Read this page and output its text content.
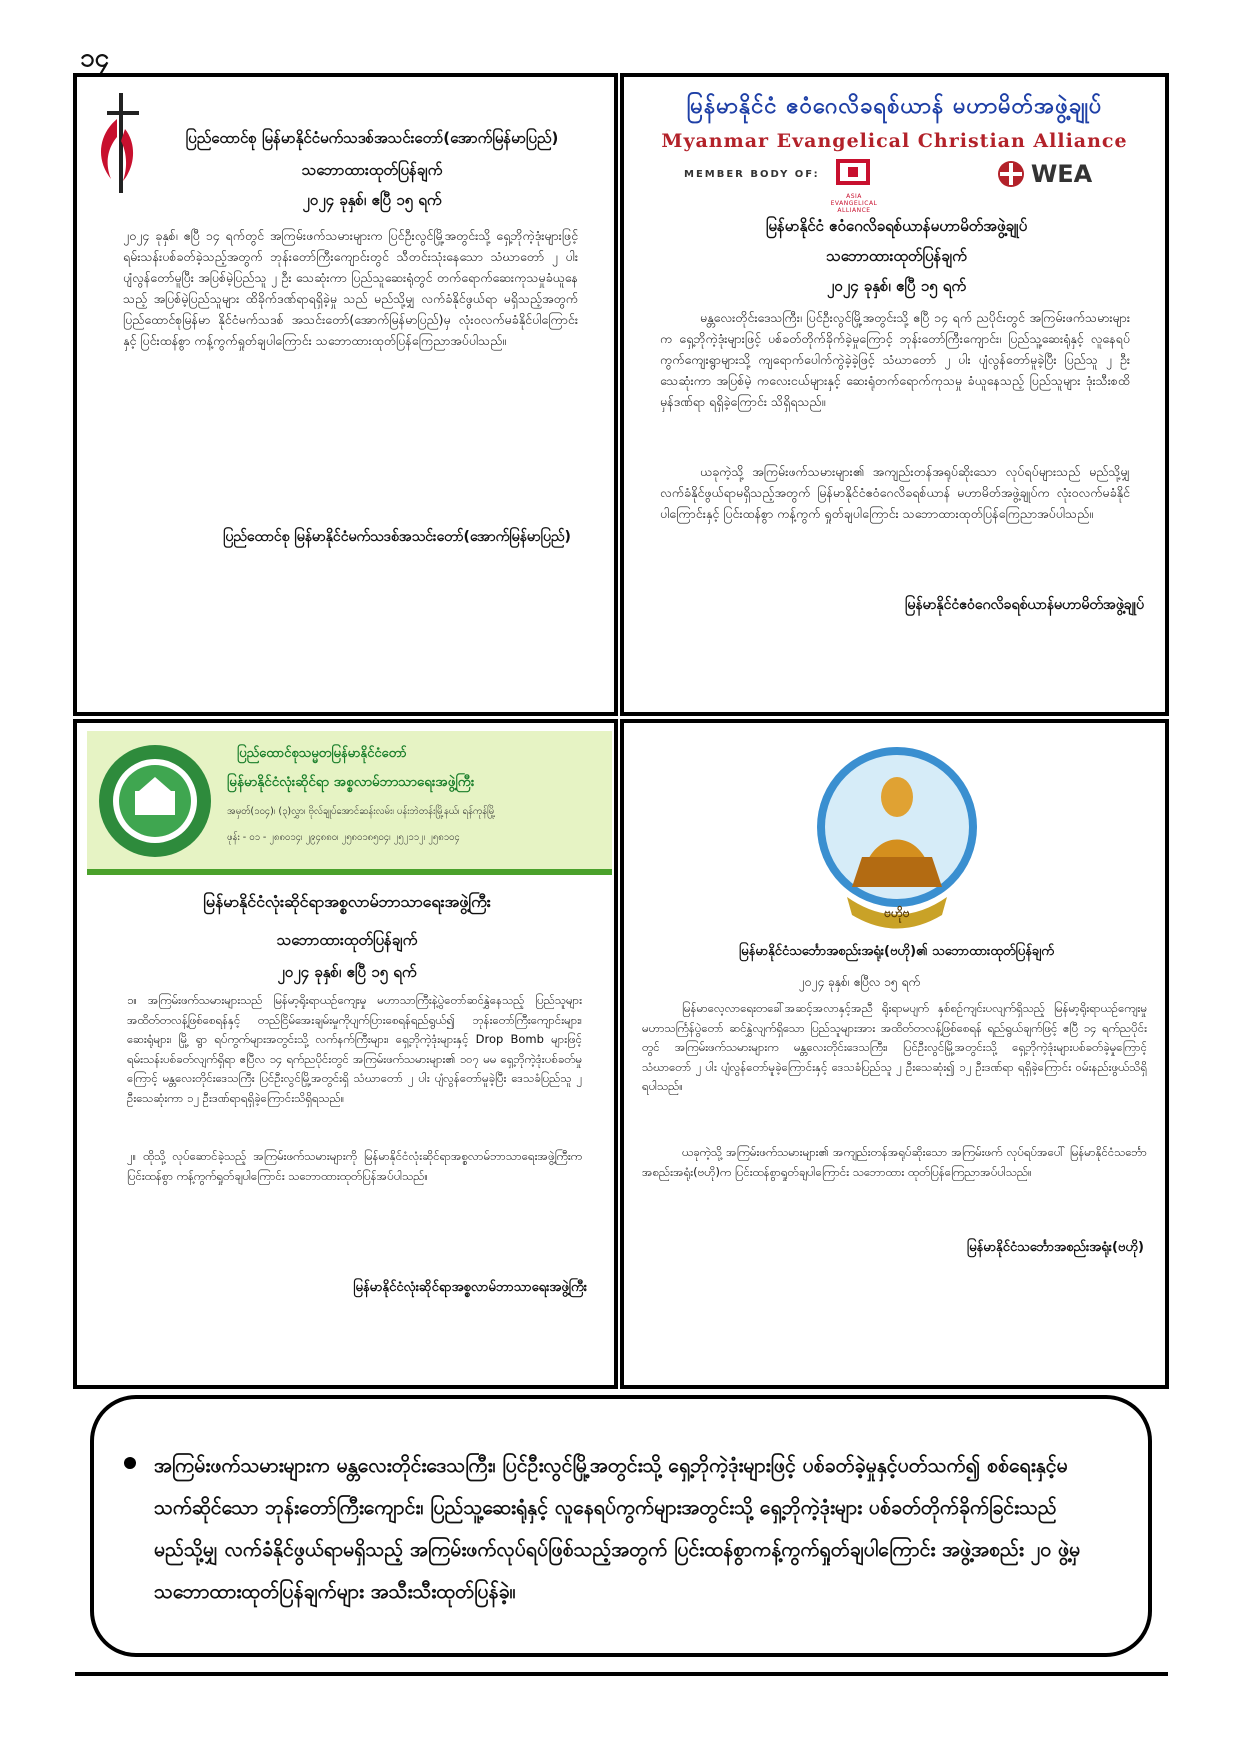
၁၄
ပြည်ထောင်စု မြန်မာနိုင်ငံမက်သဒစ်အသင်းတော်(အောက်မြန်မာပြည်)
သဘောထားထုတ်ပြန်ချက်
၂၀၂၄ ခုနှစ်၊ ဧပြီ ၁၅ ရက်
၂၀၂၄ ခုနှစ်၊ ဧပြီ ၁၄ ရက်တွင် အကြမ်းဖက်သမားများက ပြင်ဦးလွင်မြို့အတွင်းသို့ ရှေ့ဘိုကဲ့ဒုံးများဖြင့် ရမ်းသန်းပစ်ခတ်ခဲ့သည့်အတွက် ဘုန်းတော်ကြီးကျောင်းတွင် သီတင်းသုံးနေသော သံဃာတော် ၂ ပါး ပျံလွန်တော်မူပြီး အပြစ်မဲ့ပြည်သူ ၂ ဦး သေဆုံးကာ ပြည်သူဆေးရုံတွင် တက်ရောက်ဆေးကုသမှုခံယူနေသည့် အပြစ်မဲ့ပြည်သူများ ထိခိုက်ဒဏ်ရာရရှိခဲ့မှု သည် မည်သို့မျှ လက်ခံနိုင်ဖွယ်ရာ မရှိသည့်အတွက် ပြည်ထောင်စုမြန်မာ နိုင်ငံမက်သဒစ် အသင်းတော်(အောက်မြန်မာပြည်)မှ လုံးဝလက်မခံနိုင်ပါကြောင်းနှင့် ပြင်းထန်စွာ ကန့်ကွက်ရှုတ်ချပါကြောင်း သဘောထားထုတ်ပြန်ကြေညာအပ်ပါသည်။
ပြည်ထောင်စု မြန်မာနိုင်ငံမက်သဒစ်အသင်းတော်(အောက်မြန်မာပြည်)
မြန်မာနိုင်ငံ ဧဝံဂေလိခရစ်ယာန် မဟာမိတ်အဖွဲ့ချုပ်
Myanmar Evangelical Christian Alliance
MEMBER BODY OF:
ASIA EVANGELICAL ALLIANCE
WEA
မြန်မာနိုင်ငံ ဧဝံဂေလိခရစ်ယာန်မဟာမိတ်အဖွဲ့ချုပ်
သဘောထားထုတ်ပြန်ချက်
၂၀၂၄ ခုနှစ်၊ ဧပြီ ၁၅ ရက်
မန္တလေးတိုင်းဒေသကြီး၊ ပြင်ဦးလွင်မြို့အတွင်းသို့ ဧပြီ ၁၄ ရက် ညပိုင်းတွင် အကြမ်းဖက်သမားများက ရှေ့ဘိုကဲ့ဒုံးများဖြင့် ပစ်ခတ်တိုက်ခိုက်ခဲ့မှုကြောင့် ဘုန်းတော်ကြီးကျောင်း၊ ပြည်သူ့ဆေးရုံနှင့် လူနေရပ်ကွက်ကျေးရွာများသို့ ကျရောက်ပေါက်ကွဲခဲ့ခဲ့ဖြင့် သံဃာတော် ၂ ပါး ပျံလွန်တော်မူခဲ့ပြီး ပြည်သူ ၂ ဦးသေဆုံးကာ အပြစ်မဲ့ ကလေးငယ်များနှင့် ဆေးရုံတက်ရောက်ကုသမှု ခံယူနေသည့် ပြည်သူများ ဒုံးသီးစထိမှန်ဒဏ်ရာ ရရှိခဲ့ကြောင်း သိရှိရသည်။
ယခုကဲ့သို့ အကြမ်းဖက်သမားများ၏ အကျည်းတန်အရုပ်ဆိုးသော လုပ်ရပ်များသည် မည်သို့မျှ လက်ခံနိုင်ဖွယ်ရာမရှိသည့်အတွက် မြန်မာနိုင်ငံဧဝံဂေလိခရစ်ယာန် မဟာမိတ်အဖွဲ့ချုပ်က လုံးဝလက်မခံနိုင်ပါကြောင်းနှင့် ပြင်းထန်စွာ ကန့်ကွက် ရှုတ်ချပါကြောင်း သဘောထားထုတ်ပြန်ကြေညာအပ်ပါသည်။
မြန်မာနိုင်ငံဧဝံဂေလိခရစ်ယာန်မဟာမိတ်အဖွဲ့ချုပ်
ပြည်ထောင်စုသမ္မတမြန်မာနိုင်ငံတော်
မြန်မာနိုင်ငံလုံးဆိုင်ရာ အစ္စလာမ်ဘာသာရေးအဖွဲ့ကြီး
အမှတ်(၁၀၄)၊ (၃)လွှာ၊ ဗိုလ်ချုပ်အောင်ဆန်းလမ်း၊ ပန်းဘဲတန်းမြို့နယ်၊ ရန်ကုန်မြို့
ဖုန်း - ၀၁ - ၂၈၈၀၁၄၊ ၂၉၄၈၈၀၊ ၂၅၈၀၁၈၅၀၄၊ ၂၅၂၁၁၂၊ ၂၅၈၁၀၄
မြန်မာနိုင်ငံလုံးဆိုင်ရာအစ္စလာမ်ဘာသာရေးအဖွဲ့ကြီး
သဘောထားထုတ်ပြန်ချက်
၂၀၂၄ ခုနှစ်၊ ဧပြီ ၁၅ ရက်
၁။ အကြမ်းဖက်သမားများသည် မြန်မာ့ရိုးရာယဉ်ကျေးမှု မဟာသာကြီးနဲ့ပွဲတော်ဆင်နွှဲနေသည့် ပြည်သူများ အထိတ်တလန့်ဖြစ်စေရန်နှင့် တည်ငြိမ်အေးချမ်းမှုကိုပျက်ပြားစေရန်ရည်ရွယ်၍ ဘုန်းတော်ကြီးကျောင်းများ၊ ဆေးရုံများ၊ မြို့ ရွာ ရပ်ကွက်များအတွင်းသို့ လက်နက်ကြီးများ၊ ရှေ့ဘိုကဲ့ဒုံးများနှင့် Drop Bomb များဖြင့် ရမ်းသန်းပစ်ခတ်လျက်ရှိရာ ဧပြီလ ၁၄ ရက်ညပိုင်းတွင် အကြမ်းဖက်သမားများ၏ ၁၀၇ မမ ရှေ့ဘိုကဲ့ဒုံးပစ်ခတ်မှုကြောင့် မန္တလေးတိုင်းဒေသကြီး ပြင်ဦးလွင်မြို့အတွင်းရှိ သံဃာတော် ၂ ပါး ပျံလွန်တော်မူခဲ့ပြီး ဒေသခံပြည်သူ ၂ ဦးသေဆုံးကာ ၁၂ ဦးဒဏ်ရာရရှိခဲ့ကြောင်းသိရှိရသည်။
၂။ ထိုသို့ လုပ်ဆောင်ခဲ့သည့် အကြမ်းဖက်သမားများကို မြန်မာနိုင်ငံလုံးဆိုင်ရာအစ္စလာမ်ဘာသာရေးအဖွဲ့ကြီးက ပြင်းထန်စွာ ကန့်ကွက်ရှုတ်ချပါကြောင်း သဘောထားထုတ်ပြန်အပ်ပါသည်။
မြန်မာနိုင်ငံလုံးဆိုင်ရာအစ္စလာမ်ဘာသာရေးအဖွဲ့ကြီး
ဗဟိုဗ
မြန်မာနိုင်ငံသင်္ဘောအစည်းအရုံး(ဗဟို)၏ သဘောထားထုတ်ပြန်ချက်
၂၀၂၄ ခုနှစ်၊ ဧပြီလ ၁၅ ရက်
မြန်မာလေ့လာရေးတခေါ်အဆင့်အလာနှင့်အညီ ရိုးရာမပျက် နှစ်စဉ်ကျင်းပလျက်ရှိသည့် မြန်မာ့ရိုးရာယဉ်ကျေးမှု မဟာသင်္ကြန်ပွဲတော် ဆင်နွှဲလျက်ရှိသော ပြည်သူများအား အထိတ်တလန့်ဖြစ်စေရန် ရည်ရွယ်ချက်ဖြင့် ဧပြီ ၁၄ ရက်ညပိုင်းတွင် အကြမ်းဖက်သမားများက မန္တလေးတိုင်းဒေသကြီး၊ ပြင်ဦးလွင်မြို့အတွင်းသို့ ရှေ့ဘိုကဲ့ဒုံးများပစ်ခတ်ခဲ့မှုကြောင့် သံဃာတော် ၂ ပါး ပျံလွန်တော်မူခဲ့ကြောင်းနှင့် ဒေသခံပြည်သူ ၂ ဦးသေဆုံး၍ ၁၂ ဦးဒဏ်ရာ ရရှိခဲ့ကြောင်း ဝမ်းနည်းဖွယ်သိရှိရပါသည်။
ယခုကဲ့သို့ အကြမ်းဖက်သမားများ၏ အကျည်းတန်အရုပ်ဆိုးသော အကြမ်းဖက် လုပ်ရပ်အပေါ် မြန်မာနိုင်ငံသင်္ဘော အစည်းအရုံး(ဗဟို)က ပြင်းထန်စွာရှုတ်ချပါကြောင်း သဘောထား ထုတ်ပြန်ကြေညာအပ်ပါသည်။
မြန်မာနိုင်ငံသင်္ဘောအစည်းအရုံး(ဗဟို)
အကြမ်းဖက်သမားများက မန္တလေးတိုင်းဒေသကြီး၊ ပြင်ဦးလွင်မြို့အတွင်းသို့ ရှေ့ဘိုကဲ့ဒုံးများဖြင့် ပစ်ခတ်ခဲ့မှုနှင့်ပတ်သက်၍ စစ်ရေးနှင့်မသက်ဆိုင်သော ဘုန်းတော်ကြီးကျောင်း၊ ပြည်သူ့ဆေးရုံနှင့် လူနေရပ်ကွက်များအတွင်းသို့ ရှေ့ဘိုကဲ့ဒုံးများ ပစ်ခတ်တိုက်ခိုက်ခြင်းသည် မည်သို့မျှ လက်ခံနိုင်ဖွယ်ရာမရှိသည့် အကြမ်းဖက်လုပ်ရပ်ဖြစ်သည့်အတွက် ပြင်းထန်စွာကန့်ကွက်ရှုတ်ချပါကြောင်း အဖွဲ့အစည်း ၂၀ ဖွဲ့မှ သဘောထားထုတ်ပြန်ချက်များ အသီးသီးထုတ်ပြန်ခဲ့။
